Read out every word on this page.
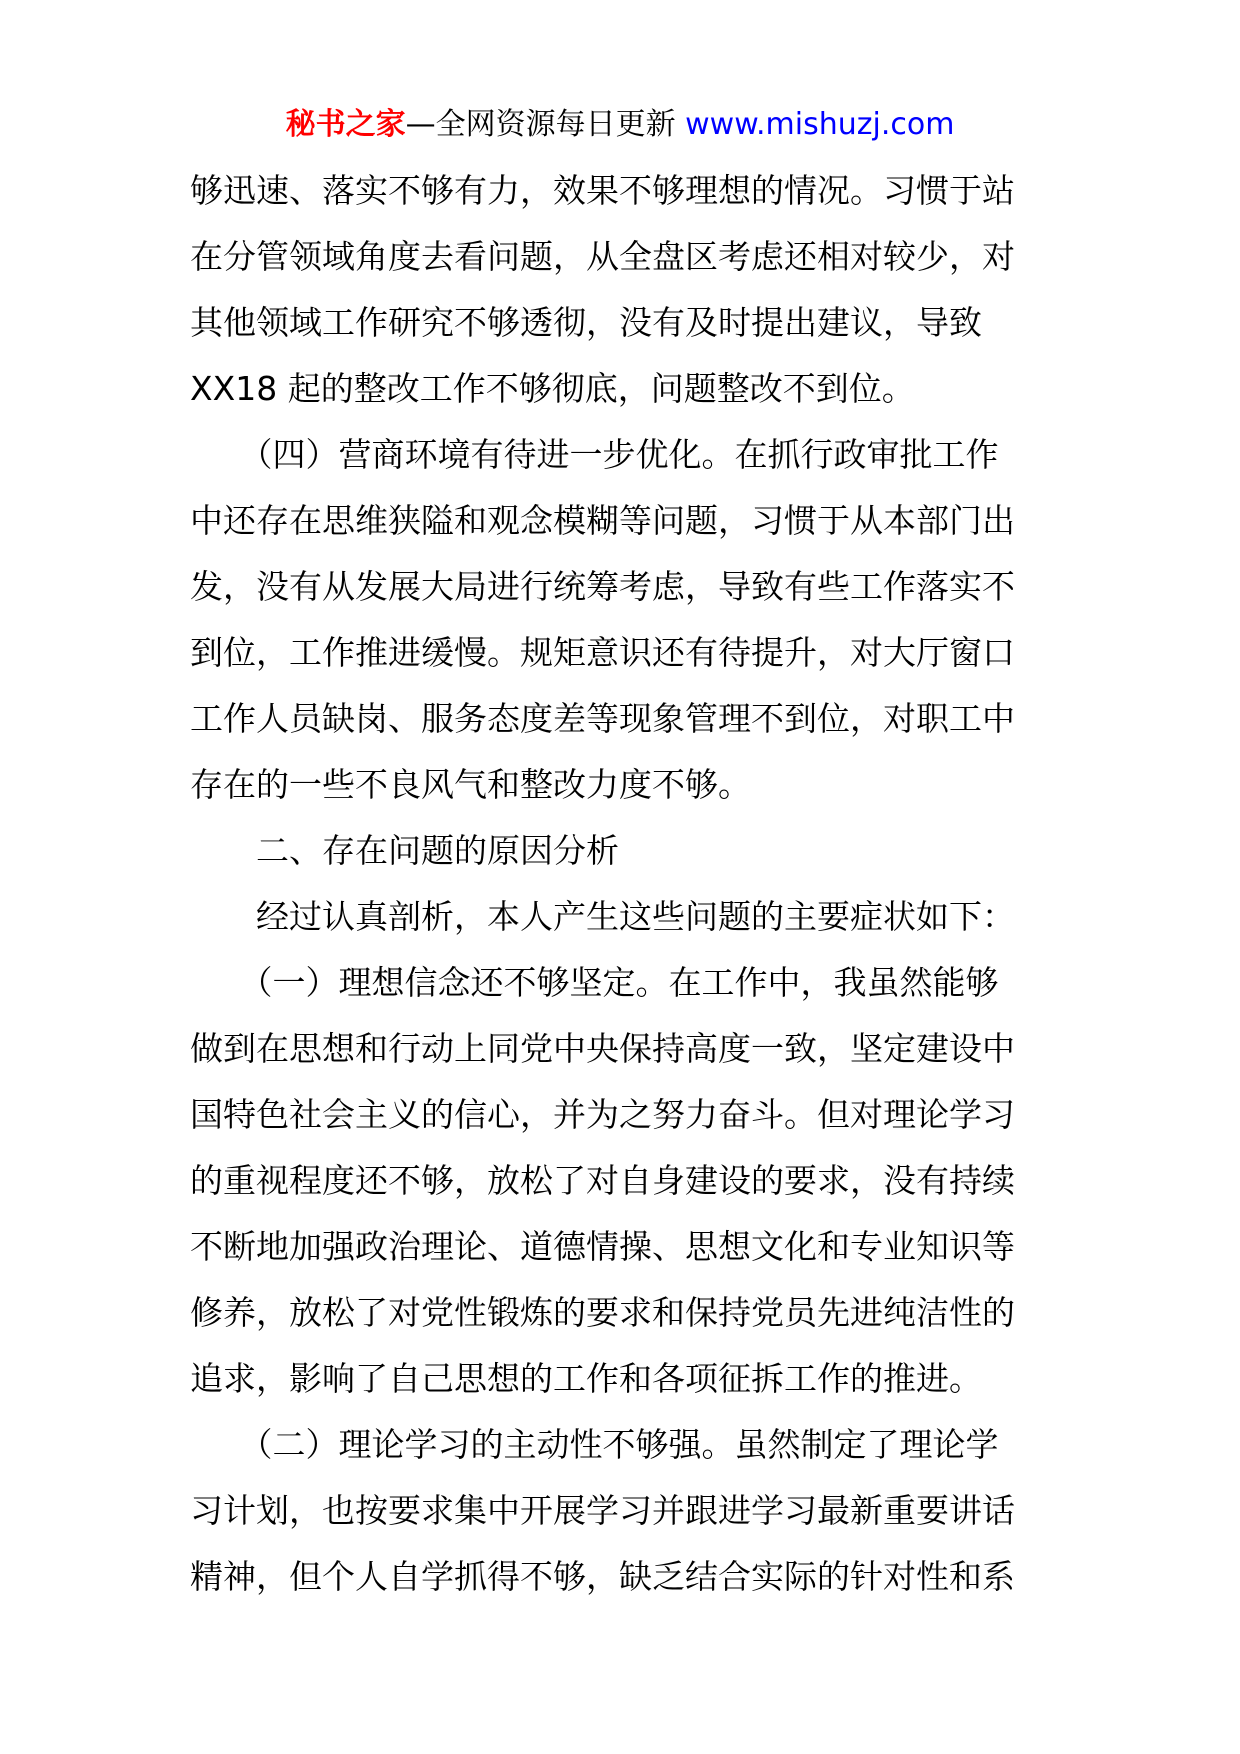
秘书之家—全网资源每日更新 www.mishuzj.com
够迅速、落实不够有力，效果不够理想的情况。习惯于站
在分管领域角度去看问题，从全盘区考虑还相对较少，对
其他领域工作研究不够透彻，没有及时提出建议，导致
XX18 起的整改工作不够彻底，问题整改不到位。
　　（四）营商环境有待进一步优化。在抓行政审批工作
中还存在思维狭隘和观念模糊等问题，习惯于从本部门出
发，没有从发展大局进行统筹考虑，导致有些工作落实不
到位，工作推进缓慢。规矩意识还有待提升，对大厅窗口
工作人员缺岗、服务态度差等现象管理不到位，对职工中
存在的一些不良风气和整改力度不够。
　　二、存在问题的原因分析
　　经过认真剖析，本人产生这些问题的主要症状如下：
　　（一）理想信念还不够坚定。在工作中，我虽然能够
做到在思想和行动上同党中央保持高度一致，坚定建设中
国特色社会主义的信心，并为之努力奋斗。但对理论学习
的重视程度还不够，放松了对自身建设的要求，没有持续
不断地加强政治理论、道德情操、思想文化和专业知识等
修养，放松了对党性锻炼的要求和保持党员先进纯洁性的
追求，影响了自己思想的工作和各项征拆工作的推进。
　　（二）理论学习的主动性不够强。虽然制定了理论学
习计划，也按要求集中开展学习并跟进学习最新重要讲话
精神，但个人自学抓得不够，缺乏结合实际的针对性和系
